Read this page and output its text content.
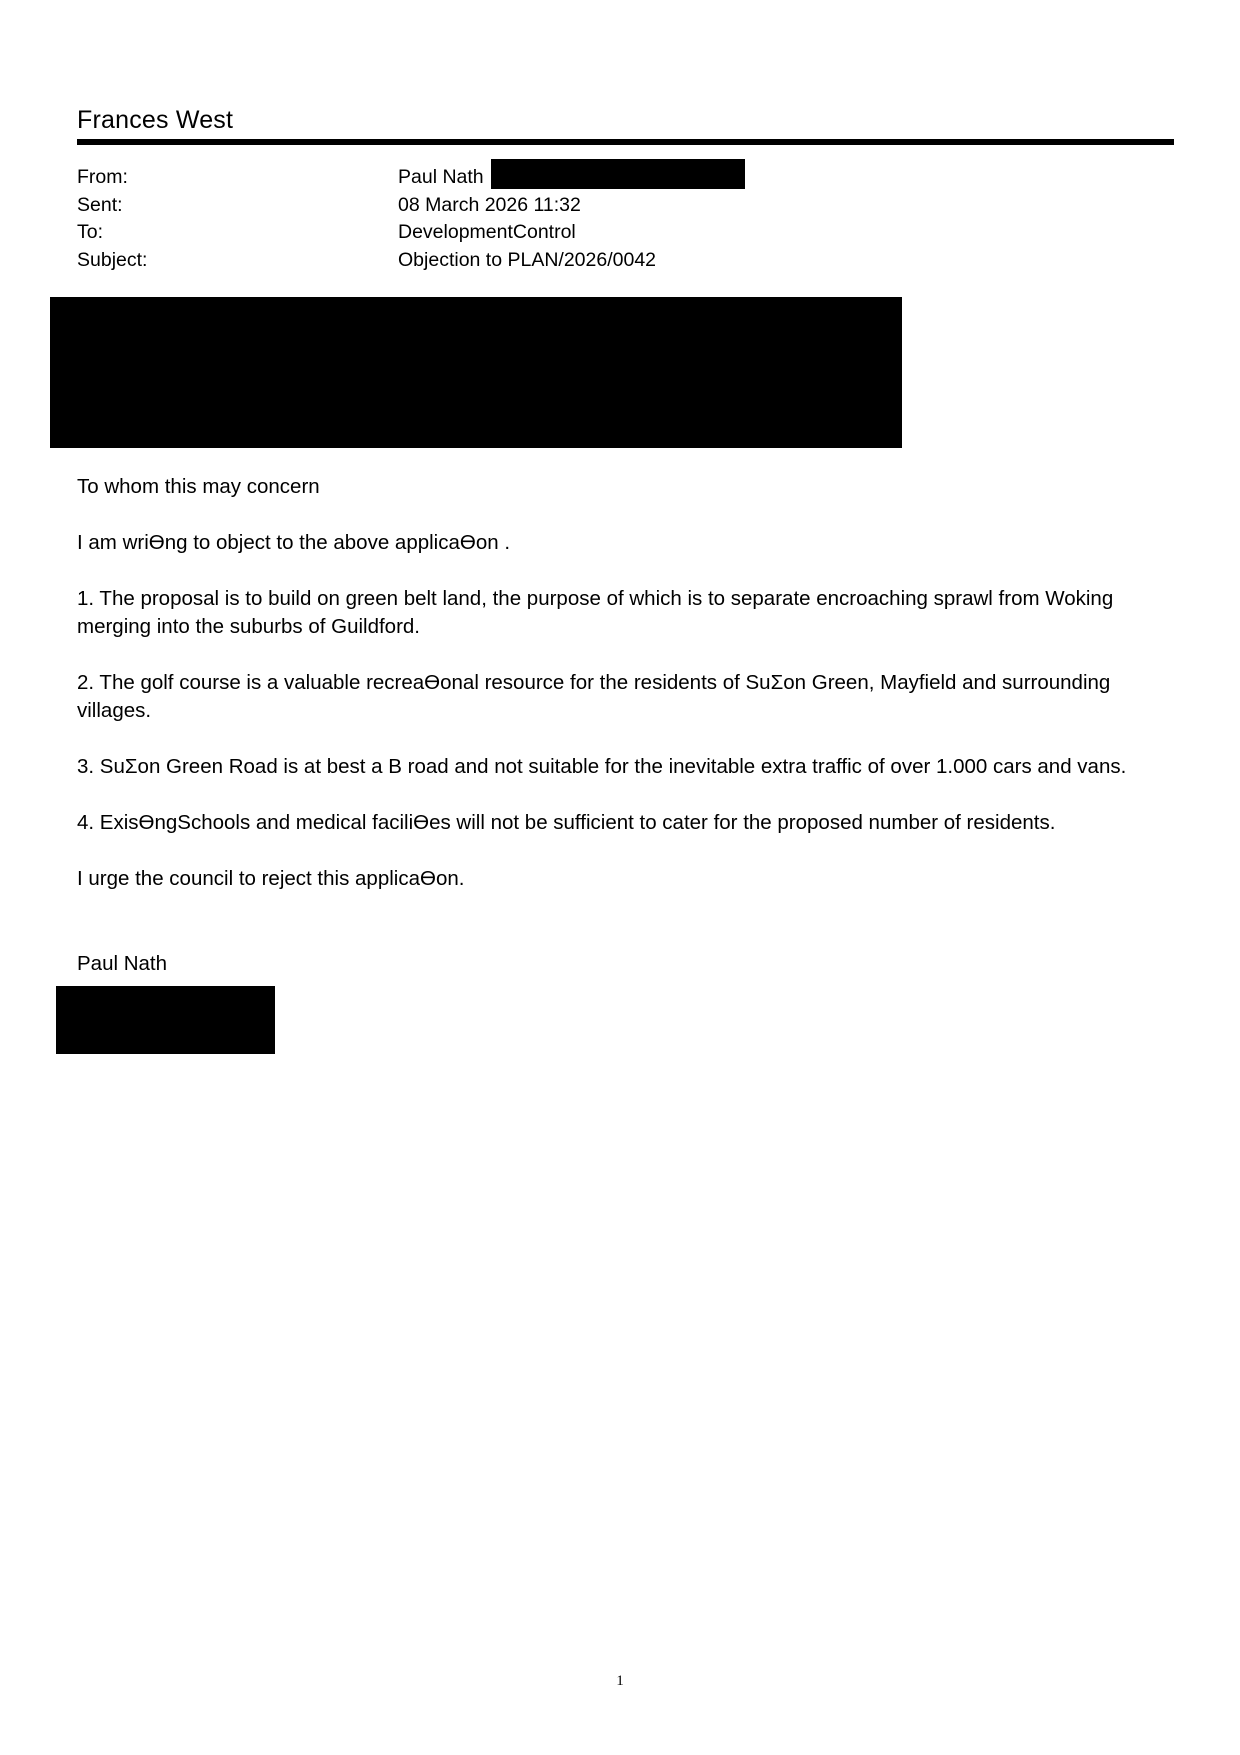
Frances West
From:	Paul Nath
Sent:	08 March 2026 11:32
To:	DevelopmentControl
Subject:	Objection to PLAN/2026/0042
To whom this may concern
I am wriϴng to object to the above applicaϴon .
1. The proposal is to build on green belt land, the purpose of which is to separate encroaching sprawl from Woking merging into the suburbs of Guildford.
2. The golf course is a valuable recreaϴonal resource for the residents of SuΣon Green, Mayfield and surrounding villages.
3. SuΣon Green Road is at best a B road and not suitable for the inevitable extra traffic of over 1.000 cars and vans.
4. ExisϴngSchools and medical faciliϴes will not be sufficient to cater for the proposed number of residents.
I urge the council to reject this applicaϴon.
Paul Nath
1
